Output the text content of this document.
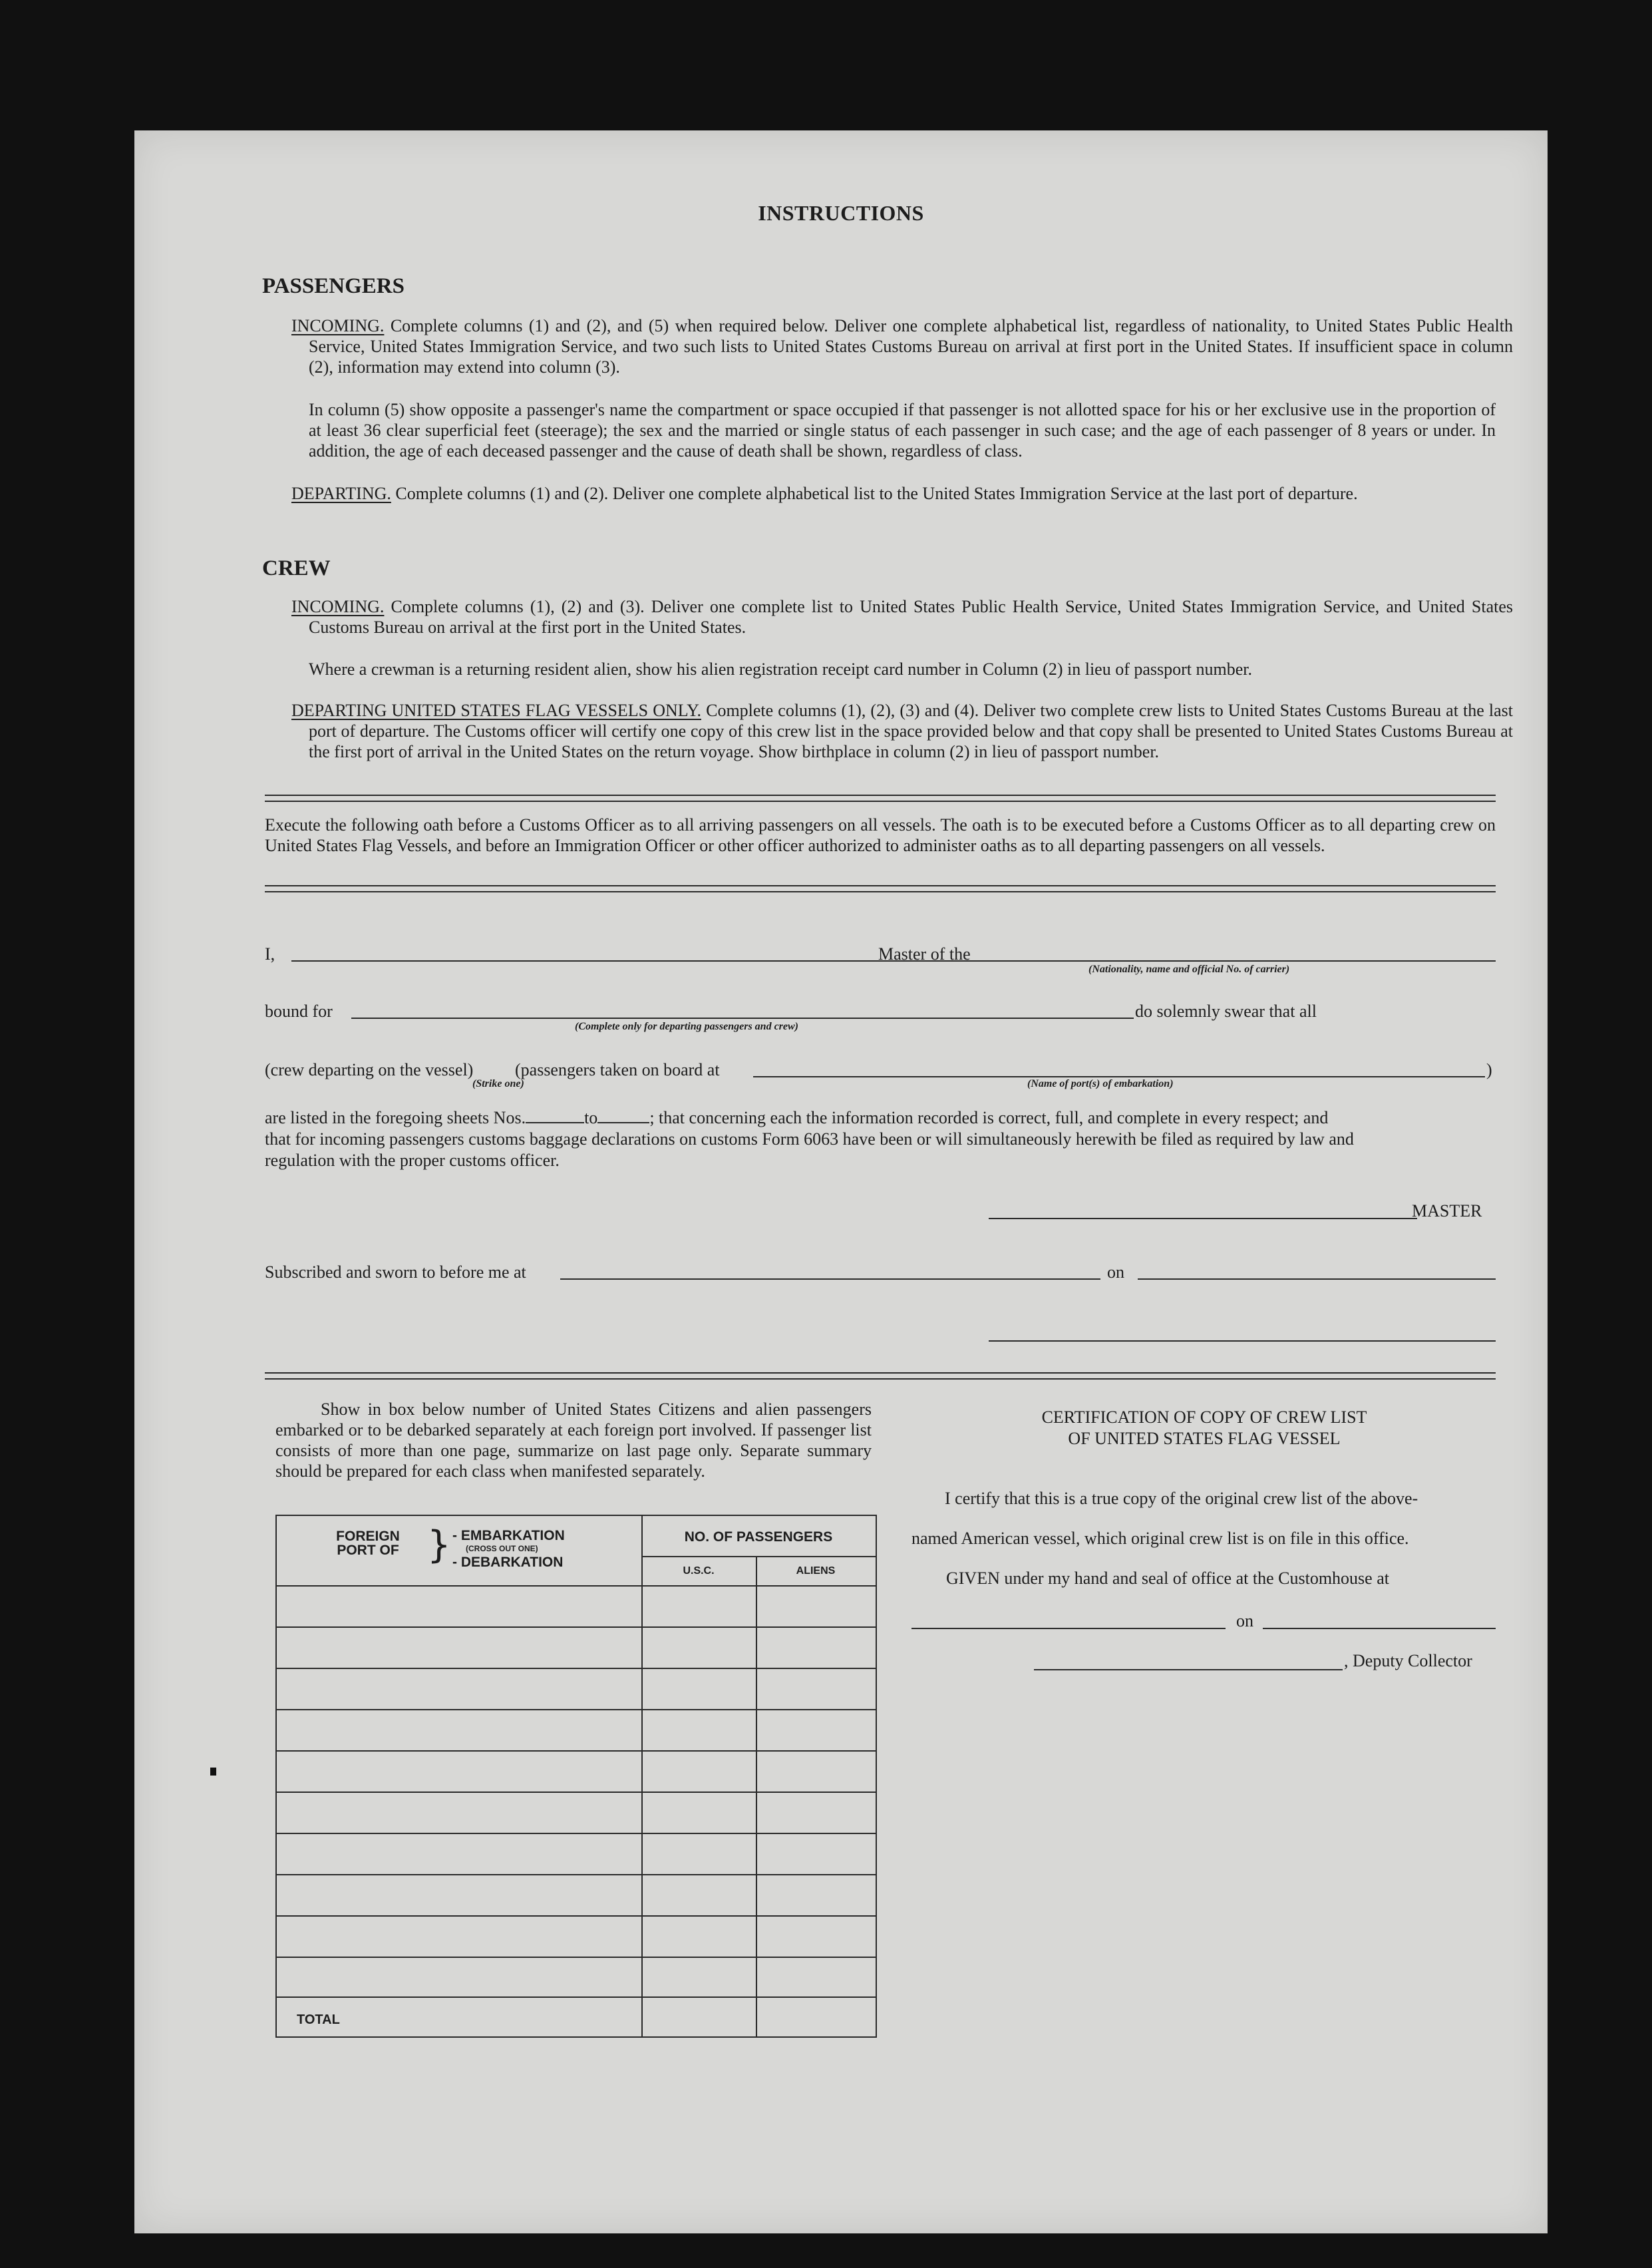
INSTRUCTIONS
PASSENGERS
INCOMING. Complete columns (1) and (2), and (5) when required below. Deliver one complete alphabetical list, regardless of nationality, to United States Public Health Service, United States Immigration Service, and two such lists to United States Customs Bureau on arrival at first port in the United States. If insufficient space in column (2), information may extend into column (3).
In column (5) show opposite a passenger's name the compartment or space occupied if that passenger is not allotted space for his or her exclusive use in the proportion of at least 36 clear superficial feet (steerage); the sex and the married or single status of each passenger in such case; and the age of each passenger of 8 years or under. In addition, the age of each deceased passenger and the cause of death shall be shown, regardless of class.
DEPARTING. Complete columns (1) and (2). Deliver one complete alphabetical list to the United States Immigration Service at the last port of departure.
CREW
INCOMING. Complete columns (1), (2) and (3). Deliver one complete list to United States Public Health Service, United States Immigration Service, and United States Customs Bureau on arrival at the first port in the United States.
Where a crewman is a returning resident alien, show his alien registration receipt card number in Column (2) in lieu of passport number.
DEPARTING UNITED STATES FLAG VESSELS ONLY. Complete columns (1), (2), (3) and (4). Deliver two complete crew lists to United States Customs Bureau at the last port of departure. The Customs officer will certify one copy of this crew list in the space provided below and that copy shall be presented to United States Customs Bureau at the first port of arrival in the United States on the return voyage. Show birthplace in column (2) in lieu of passport number.
Execute the following oath before a Customs Officer as to all arriving passengers on all vessels. The oath is to be executed before a Customs Officer as to all departing crew on United States Flag Vessels, and before an Immigration Officer or other officer authorized to administer oaths as to all departing passengers on all vessels.
I,	Master of the
(Nationality, name and official No. of carrier)
bound for	do solemnly swear that all
(Complete only for departing passengers and crew)
(crew departing on the vessel) (passengers taken on board at	)
(Strike one)	(Name of port(s) of embarkation)
are listed in the foregoing sheets Nos.	to	; that concerning each the information recorded is correct, full, and complete in every respect; and
that for incoming passengers customs baggage declarations on customs Form 6063 have been or will simultaneously herewith be filed as required by law and
regulation with the proper customs officer.
MASTER
Subscribed and sworn to before me at	on
Show in box below number of United States Citizens and alien passengers embarked or to be debarked separately at each foreign port involved. If passenger list consists of more than one page, summarize on last page only. Separate summary should be prepared for each class when manifested separately.
FOREIGN PORT OF } - EMBARKATION
(CROSS OUT ONE)
- DEBARKATION
NO. OF PASSENGERS
U.S.C.	ALIENS
TOTAL
CERTIFICATION OF COPY OF CREW LIST
OF UNITED STATES FLAG VESSEL
I certify that this is a true copy of the original crew list of the above-
named American vessel, which original crew list is on file in this office.
GIVEN under my hand and seal of office at the Customhouse at
on
, Deputy Collector
